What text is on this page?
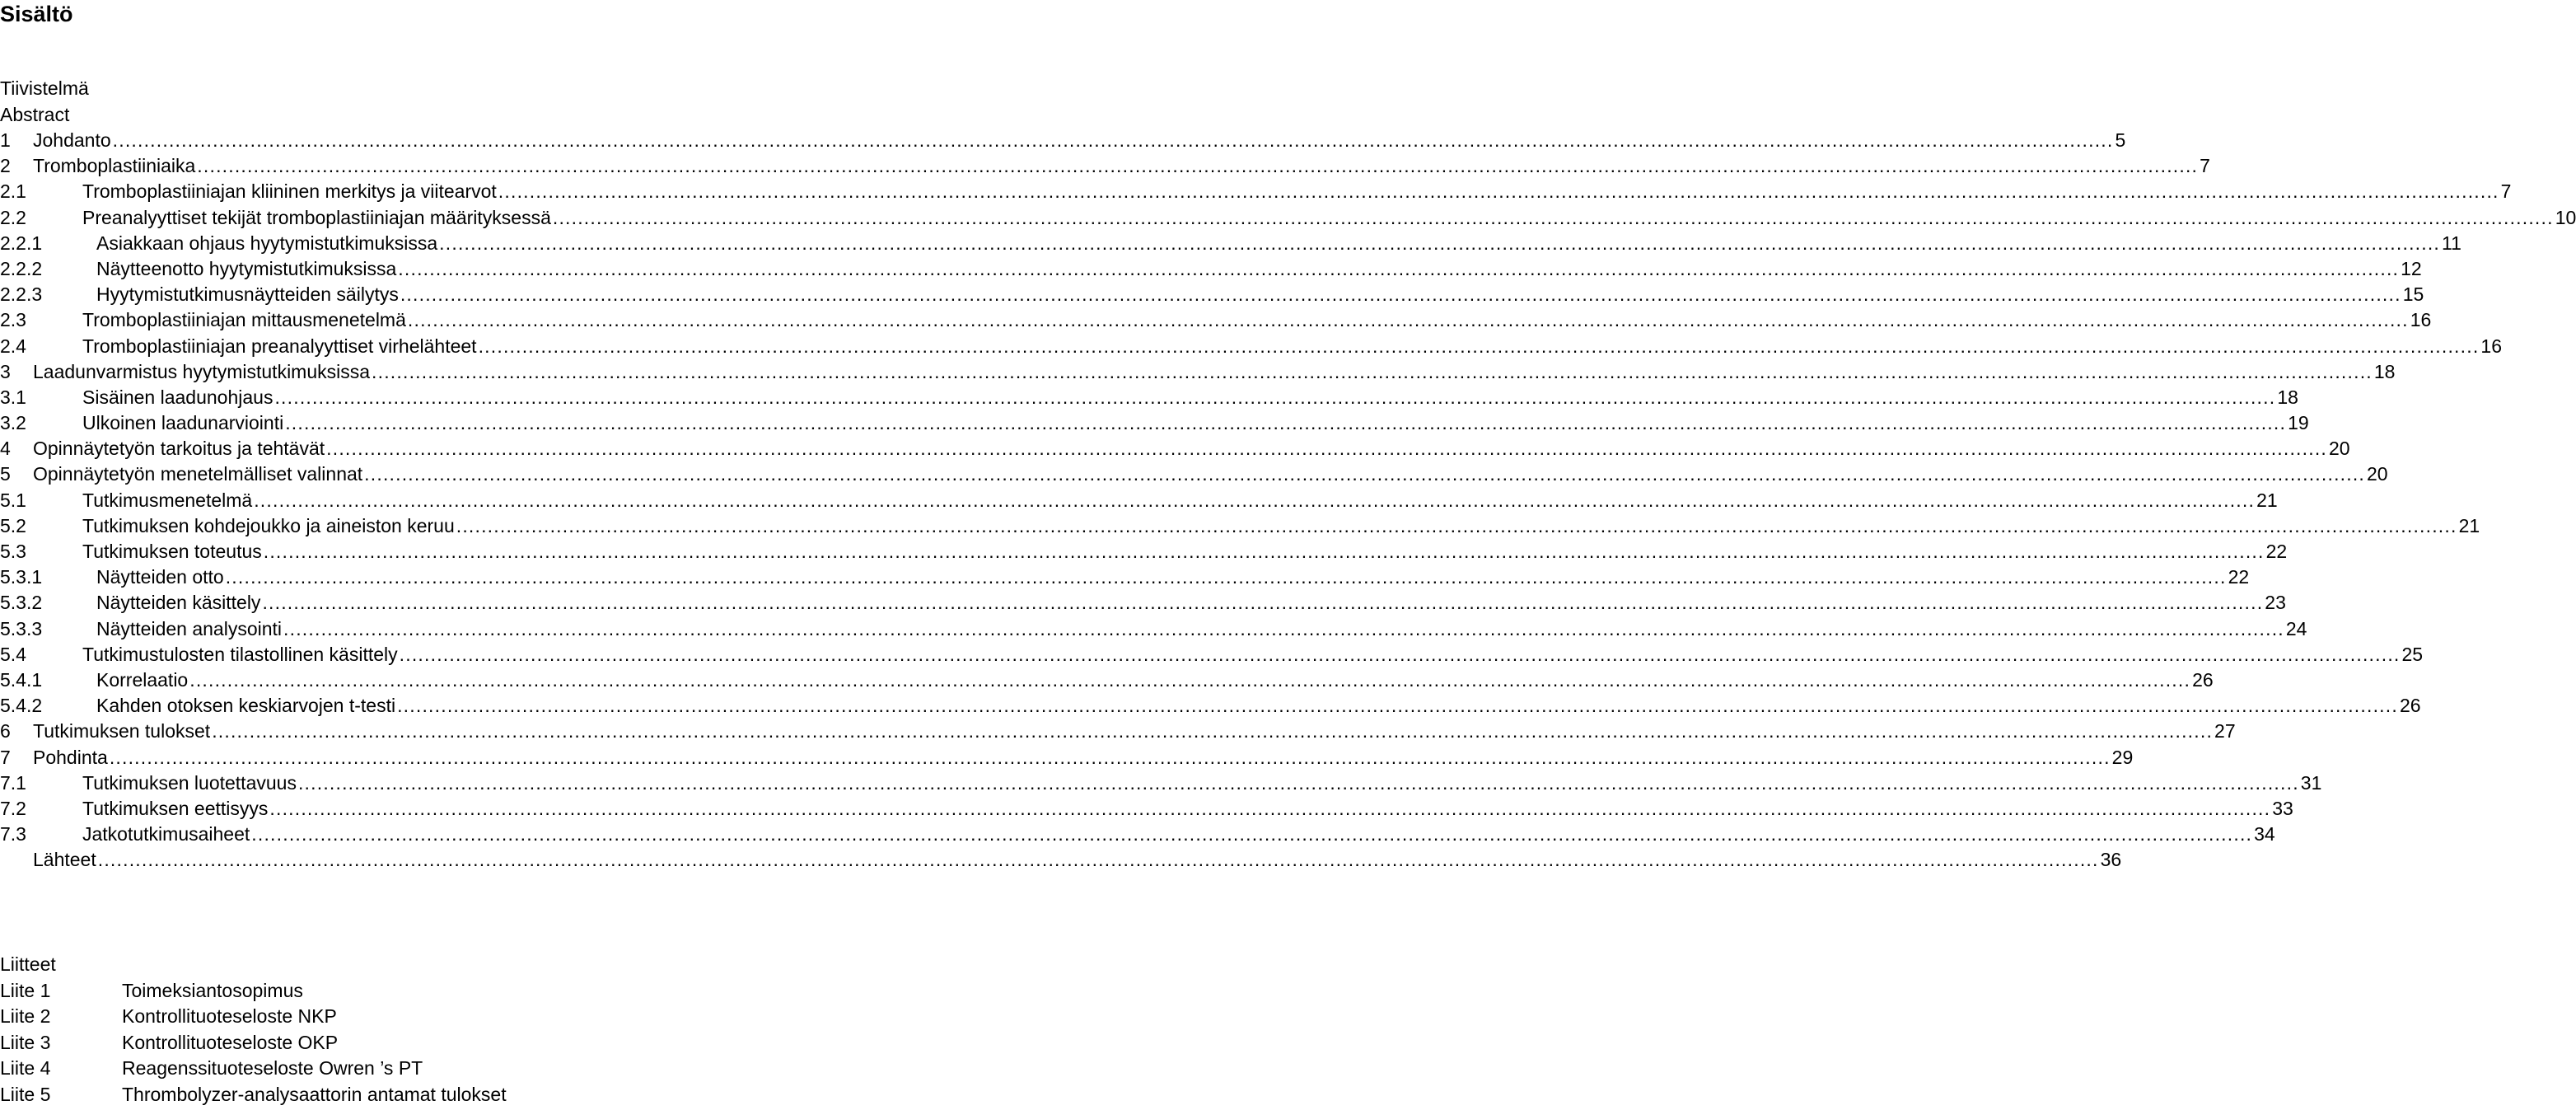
Sisältö
Tiivistelmä
Abstract
1 Johdanto .....	5
2 Tromboplastiiniaika .....	7
2.1	Tromboplastiiniajan kliininen merkitys ja viitearvot .....	7
2.2	Preanalyyttiset tekijät tromboplastiiniajan määrityksessä .....	10
2.2.1	Asiakkaan ohjaus hyytymistutkimuksissa .....	11
2.2.2	Näytteenotto hyytymistutkimuksissa .....	12
2.2.3	Hyytymistutkimusnäytteiden säilytys .....	15
2.3	Tromboplastiiniajan mittausmenetelmä .....	16
2.4	Tromboplastiiniajan preanalyyttiset virhelähteet .....	16
3 Laadunvarmistus hyytymistutkimuksissa .....	18
3.1	Sisäinen laadunohjaus .....	18
3.2	Ulkoinen laadunarviointi .....	19
4 Opinnäytetyön tarkoitus ja tehtävät .....	20
5 Opinnäytetyön menetelmälliset valinnat .....	20
5.1	Tutkimusmenetelmä .....	21
5.2	Tutkimuksen kohdejoukko ja aineiston keruu .....	21
5.3	Tutkimuksen toteutus .....	22
5.3.1	Näytteiden otto .....	22
5.3.2	Näytteiden käsittely .....	23
5.3.3	Näytteiden analysointi .....	24
5.4	Tutkimustulosten tilastollinen käsittely .....	25
5.4.1	Korrelaatio .....	26
5.4.2	Kahden otoksen keskiarvojen t-testi .....	26
6 Tutkimuksen tulokset .....	27
7 Pohdinta .....	29
7.1	Tutkimuksen luotettavuus .....	31
7.2	Tutkimuksen eettisyys .....	33
7.3	Jatkotutkimusaiheet .....	34
Lähteet .....	36
Liitteet
Liite 1	Toimeksiantosopimus
Liite 2	Kontrollituoteseloste NKP
Liite 3	Kontrollituoteseloste OKP
Liite 4	Reagenssituoteseloste Owren ’s PT
Liite 5	Thrombolyzer-analysaattorin antamat tulokset
